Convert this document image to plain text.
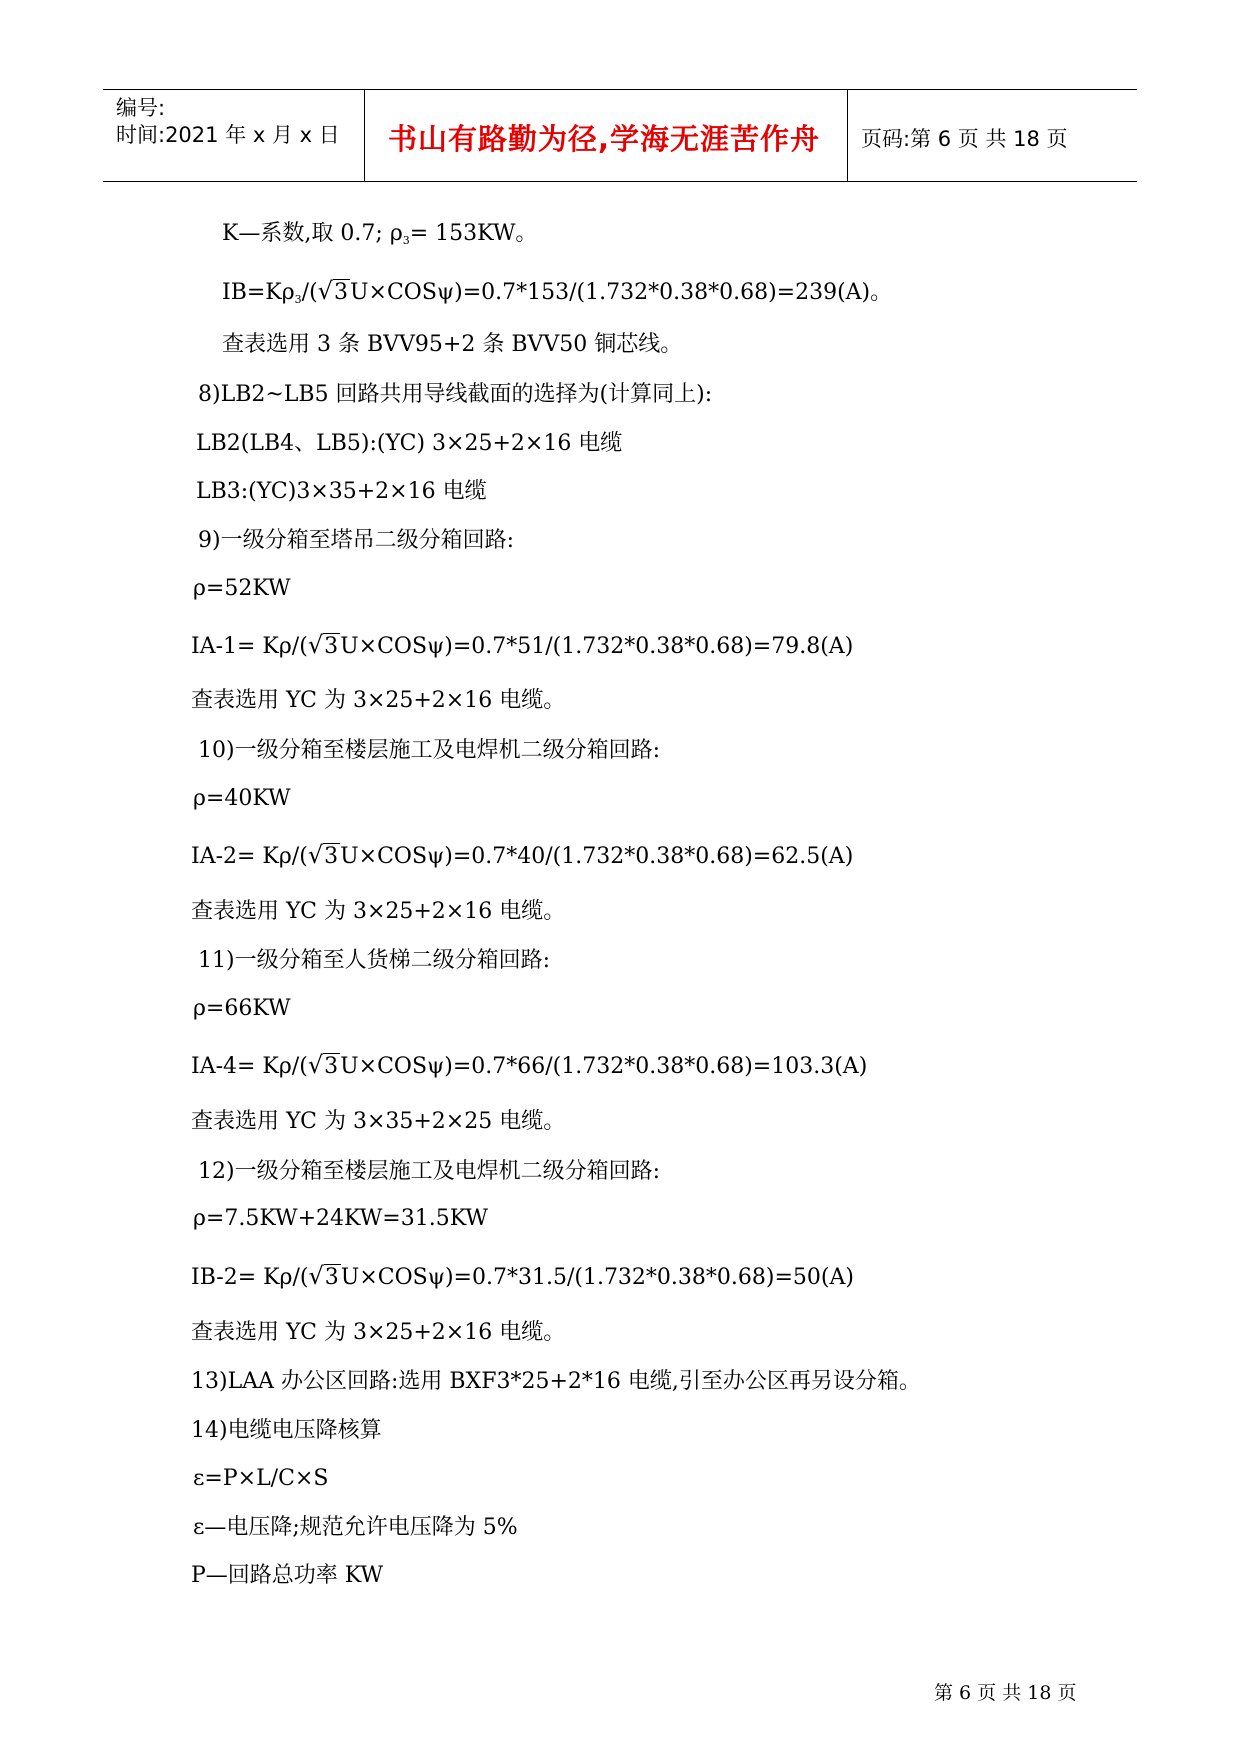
编号:
时间:2021 年 x 月 x 日 书山有路勤为径,学海无涯苦作舟 页码:第 6 页 共 18 页
K—系数,取 0.7; $\rho_3= 153KW$。
$IB=K\rho_3/(√3U\times COS\psi)=0.7*153/(1.732*0.38*0.68)=239(A)$。
查表选用 3 条 BVV95+2 条 BVV50 铜芯线。
8)LB2~LB5 回路共用导线截面的选择为(计算同上):
LB2(LB4、LB5):(YC) 3×25+2×16 电缆
LB3:(YC)3×35+2×16 电缆
9)一级分箱至塔吊二级分箱回路:
ρ=52KW
IA-1= Kρ/(√3U×COSψ)=0.7*51/(1.732*0.38*0.68)=79.8(A)
查表选用 YC 为 3×25+2×16 电缆。
10)一级分箱至楼层施工及电焊机二级分箱回路:
ρ=40KW
IA-2= Kρ/(√3U×COSψ)=0.7*40/(1.732*0.38*0.68)=62.5(A)
查表选用 YC 为 3×25+2×16 电缆。
11)一级分箱至人货梯二级分箱回路:
ρ=66KW
IA-4= Kρ/(√3U×COSψ)=0.7*66/(1.732*0.38*0.68)=103.3(A)
查表选用 YC 为 3×35+2×25 电缆。
12)一级分箱至楼层施工及电焊机二级分箱回路:
ρ=7.5KW+24KW=31.5KW
IB-2= Kρ/(√3U×COSψ)=0.7*31.5/(1.732*0.38*0.68)=50(A)
查表选用 YC 为 3×25+2×16 电缆。
13)LAA 办公区回路:选用 BXF3*25+2*16 电缆,引至办公区再另设分箱。
14)电缆电压降核算
ε=P×L/C×S
ε—电压降;规范允许电压降为 5%
P—回路总功率 KW
第 6 页 共 18 页
